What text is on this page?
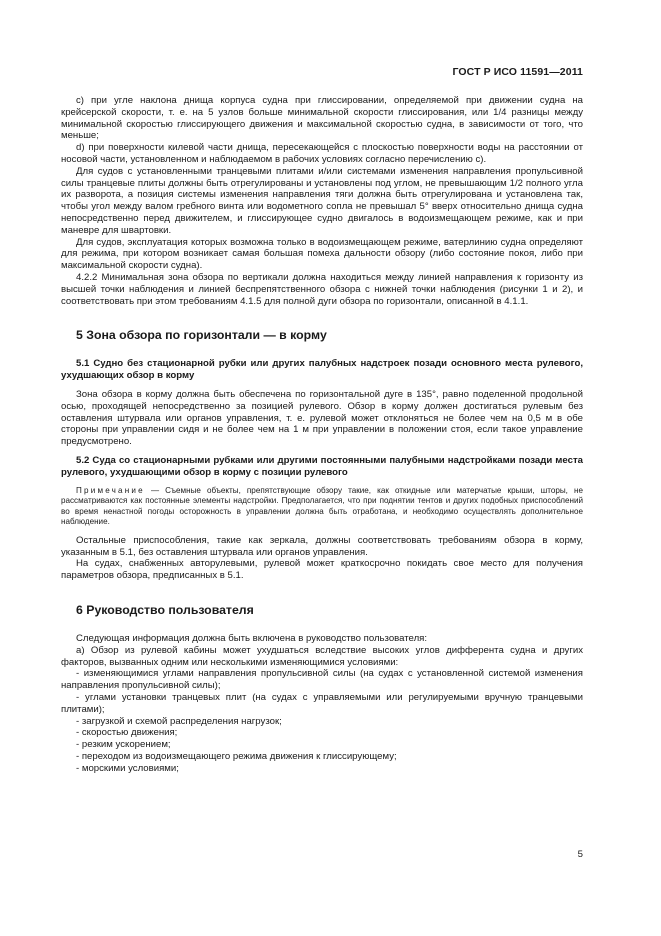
ГОСТ Р ИСО 11591—2011

c) при угле наклона днища корпуса судна при глиссировании, определяемой при движении судна на крейсерской скорости, т. е. на 5 узлов больше минимальной скорости глиссирования, или 1/4 разницы между минимальной скоростью глиссирующего движения и максимальной скоростью судна, в зависимости от того, что меньше;

d) при поверхности килевой части днища, пересекающейся с плоскостью поверхности воды на расстоянии от носовой части, установленном и наблюдаемом в рабочих условиях согласно перечислению c).

Для судов с установленными транцевыми плитами и/или системами изменения направления пропульсивной силы транцевые плиты должны быть отрегулированы и установлены под углом, не превышающим 1/2 полного угла их разворота, а позиция системы изменения направления тяги должна быть отрегулирована и установлена так, чтобы угол между валом гребного винта или водометного сопла не превышал 5° вверх относительно днища судна непосредственно перед движителем, и глиссирующее судно двигалось в водоизмещающем режиме, как и при маневре для швартовки.

Для судов, эксплуатация которых возможна только в водоизмещающем режиме, ватерлинию судна определяют для режима, при котором возникает самая большая помеха дальности обзору (либо состояние покоя, либо при максимальной скорости судна).

4.2.2 Минимальная зона обзора по вертикали должна находиться между линией направления к горизонту из высшей точки наблюдения и линией беспрепятственного обзора с нижней точки наблюдения (рисунки 1 и 2), и соответствовать при этом требованиям 4.1.5 для полной дуги обзора по горизонтали, описанной в 4.1.1.

5 Зона обзора по горизонтали — в корму
5.1 Судно без стационарной рубки или других палубных надстроек позади основного места рулевого, ухудшающих обзор в корму

Зона обзора в корму должна быть обеспечена по горизонтальной дуге в 135°, равно поделенной продольной осью, проходящей непосредственно за позицией рулевого. Обзор в корму должен достигаться рулевым без оставления штурвала или органов управления, т. е. рулевой может отклоняться не более чем на 0,5 м в обе стороны при управлении сидя и не более чем на 1 м при управлении в положении стоя, если такое управление предусмотрено.

5.2 Суда со стационарными рубками или другими постоянными палубными надстройками позади места рулевого, ухудшающими обзор в корму с позиции рулевого

Примечание — Съемные объекты, препятствующие обзору такие, как откидные или матерчатые крыши, шторы, не рассматриваются как постоянные элементы надстройки. Предполагается, что при поднятии тентов и других подобных приспособлений во время ненастной погоды осторожность в управлении должна быть отработана, и необходимо осуществлять дополнительное наблюдение.

Остальные приспособления, такие как зеркала, должны соответствовать требованиям обзора в корму, указанным в 5.1, без оставления штурвала или органов управления.

На судах, снабженных авторулевыми, рулевой может краткосрочно покидать свое место для получения параметров обзора, предписанных в 5.1.

6 Руководство пользователя

Следующая информация должна быть включена в руководство пользователя:

a) Обзор из рулевой кабины может ухудшаться вследствие высоких углов дифферента судна и других факторов, вызванных одним или несколькими изменяющимися условиями:

- изменяющимися углами направления пропульсивной силы (на судах с установленной системой изменения направления пропульсивной силы);

- углами установки транцевых плит (на судах с управляемыми или регулируемыми вручную транцевыми плитами);

- загрузкой и схемой распределения нагрузок;

- скоростью движения;

- резким ускорением;

- переходом из водоизмещающего режима движения к глиссирующему;

- морскими условиями;

5
